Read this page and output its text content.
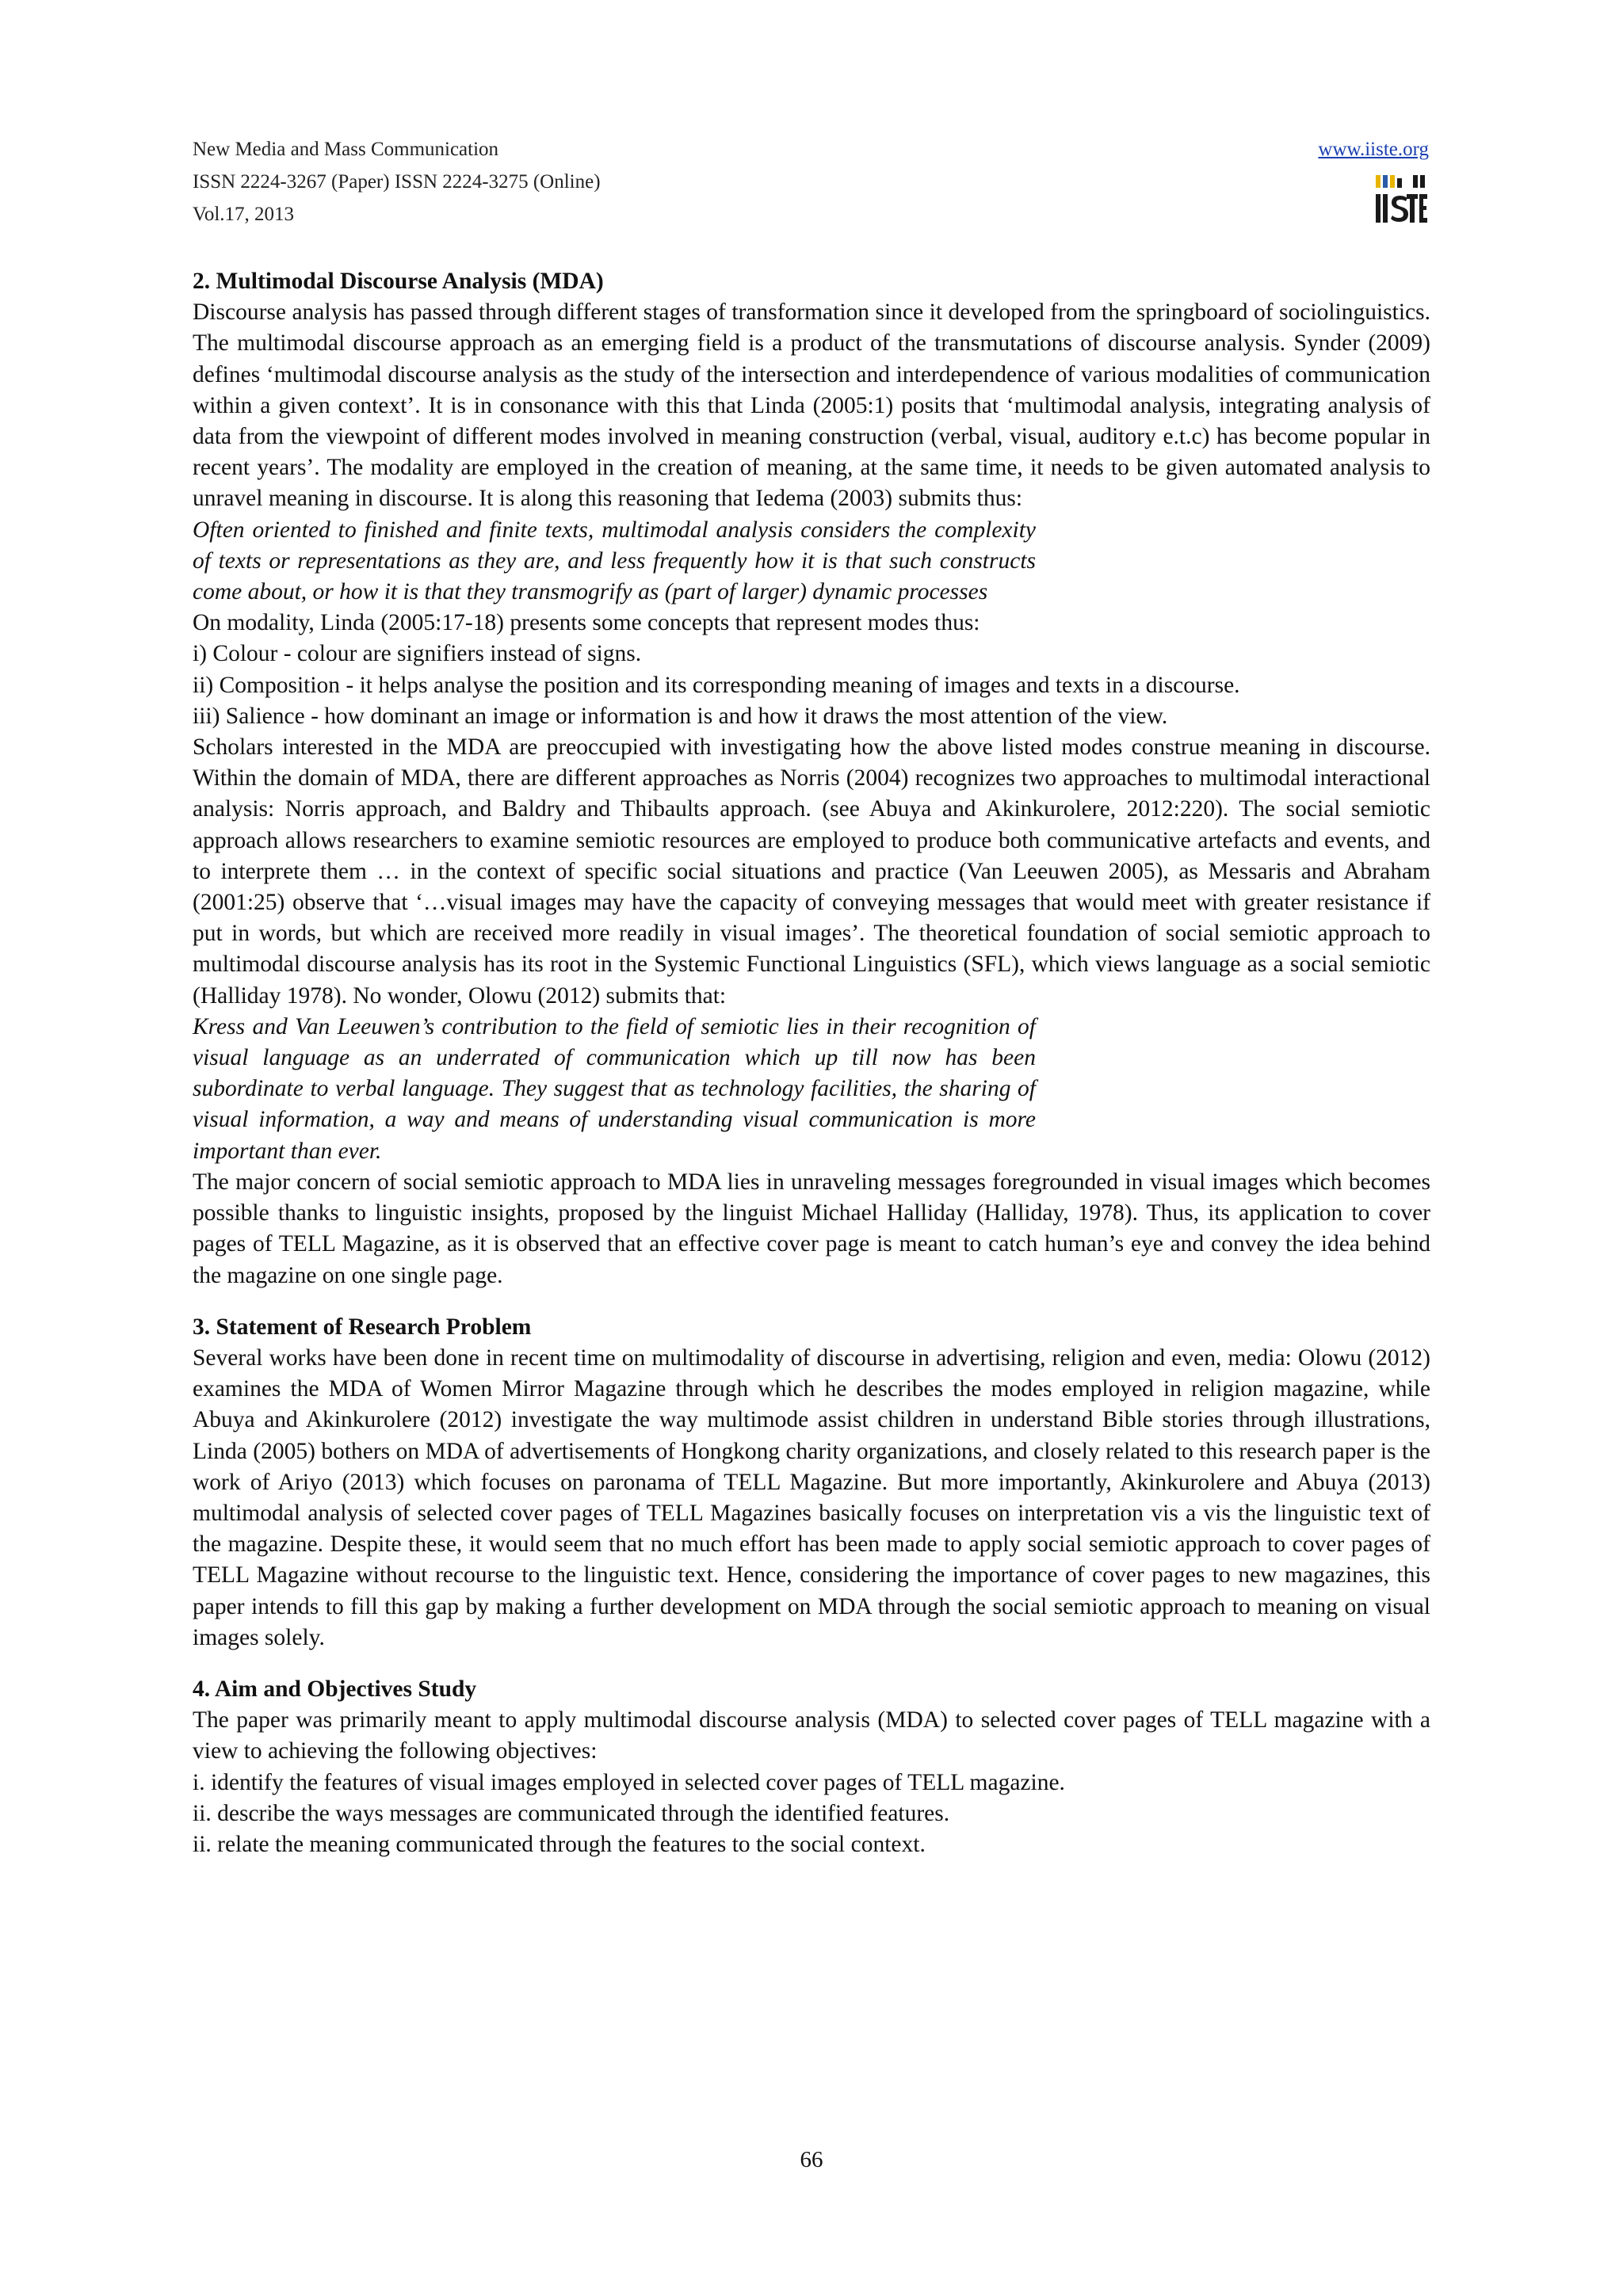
New Media and Mass Communication
ISSN 2224-3267 (Paper) ISSN 2224-3275 (Online)
Vol.17, 2013
www.iiste.org

2. Multimodal Discourse Analysis (MDA)

Discourse analysis has passed through different stages of transformation since it developed from the springboard of sociolinguistics. The multimodal discourse approach as an emerging field is a product of the transmutations of discourse analysis. Synder (2009) defines ‘multimodal discourse analysis as the study of the intersection and interdependence of various modalities of communication within a given context’. It is in consonance with this that Linda (2005:1) posits that ‘multimodal analysis, integrating analysis of data from the viewpoint of different modes involved in meaning construction (verbal, visual, auditory e.t.c) has become popular in recent years’. The modality are employed in the creation of meaning, at the same time, it needs to be given automated analysis to unravel meaning in discourse. It is along this reasoning that Iedema (2003) submits thus:

Often oriented to finished and finite texts, multimodal analysis considers the complexity of texts or representations as they are, and less frequently how it is that such constructs come about, or how it is that they transmogrify as (part of larger) dynamic processes

On modality, Linda (2005:17-18) presents some concepts that represent modes thus:

i) Colour - colour are signifiers instead of signs.

ii) Composition - it helps analyse the position and its corresponding meaning of images and texts in a discourse.

iii) Salience - how dominant an image or information is and how it draws the most attention of the view.

Scholars interested in the MDA are preoccupied with investigating how the above listed modes construe meaning in discourse. Within the domain of MDA, there are different approaches as Norris (2004) recognizes two approaches to multimodal interactional analysis: Norris approach, and Baldry and Thibaults approach. (see Abuya and Akinkurolere, 2012:220). The social semiotic approach allows researchers to examine semiotic resources are employed to produce both communicative artefacts and events, and to interprete them … in the context of specific social situations and practice (Van Leeuwen 2005), as Messaris and Abraham (2001:25) observe that ‘…visual images may have the capacity of conveying messages that would meet with greater resistance if put in words, but which are received more readily in visual images’. The theoretical foundation of social semiotic approach to multimodal discourse analysis has its root in the Systemic Functional Linguistics (SFL), which views language as a social semiotic (Halliday 1978). No wonder, Olowu (2012) submits that:

Kress and Van Leeuwen’s contribution to the field of semiotic lies in their recognition of visual language as an underrated of communication which up till now has been subordinate to verbal language. They suggest that as technology facilities, the sharing of visual information, a way and means of understanding visual communication is more important than ever.

The major concern of social semiotic approach to MDA lies in unraveling messages foregrounded in visual images which becomes possible thanks to linguistic insights, proposed by the linguist Michael Halliday (Halliday, 1978). Thus, its application to cover pages of TELL Magazine, as it is observed that an effective cover page is meant to catch human’s eye and convey the idea behind the magazine on one single page.

3. Statement of Research Problem

Several works have been done in recent time on multimodality of discourse in advertising, religion and even, media: Olowu (2012) examines the MDA of Women Mirror Magazine through which he describes the modes employed in religion magazine, while Abuya and Akinkurolere (2012) investigate the way multimode assist children in understand Bible stories through illustrations, Linda (2005) bothers on MDA of advertisements of Hongkong charity organizations, and closely related to this research paper is the work of Ariyo (2013) which focuses on paronama of TELL Magazine. But more importantly, Akinkurolere and Abuya (2013) multimodal analysis of selected cover pages of TELL Magazines basically focuses on interpretation vis a vis the linguistic text of the magazine. Despite these, it would seem that no much effort has been made to apply social semiotic approach to cover pages of TELL Magazine without recourse to the linguistic text. Hence, considering the importance of cover pages to new magazines, this paper intends to fill this gap by making a further development on MDA through the social semiotic approach to meaning on visual images solely.

4. Aim and Objectives Study

The paper was primarily meant to apply multimodal discourse analysis (MDA) to selected cover pages of TELL magazine with a view to achieving the following objectives:

i. identify the features of visual images employed in selected cover pages of TELL magazine.

ii. describe the ways messages are communicated through the identified features.

ii. relate the meaning communicated through the features to the social context.

66
